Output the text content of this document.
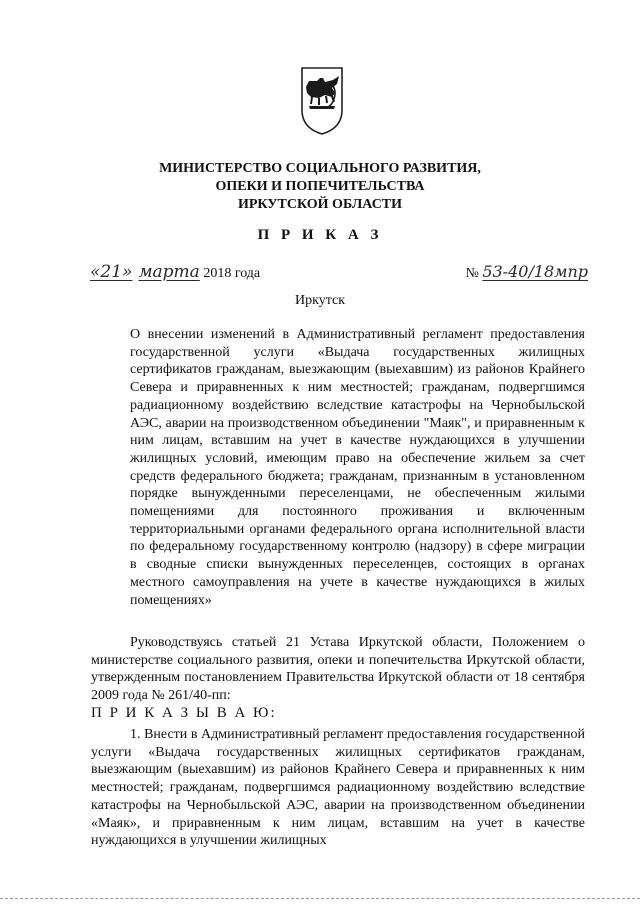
МИНИСТЕРСТВО СОЦИАЛЬНОГО РАЗВИТИЯ,
ОПЕКИ И ПОПЕЧИТЕЛЬСТВА
ИРКУТСКОЙ ОБЛАСТИ
П Р И К А З
«21» марта 2018 года	№ 53-40/18мпр
Иркутск
О внесении изменений в Административный регламент предоставления государственной услуги «Выдача государственных жилищных сертификатов гражданам, выезжающим (выехавшим) из районов Крайнего Севера и приравненных к ним местностей; гражданам, подвергшимся радиационному воздействию вследствие катастрофы на Чернобыльской АЭС, аварии на производственном объединении "Маяк", и приравненным к ним лицам, вставшим на учет в качестве нуждающихся в улучшении жилищных условий, имеющим право на обеспечение жильем за счет средств федерального бюджета; гражданам, признанным в установленном порядке вынужденными переселенцами, не обеспеченным жилыми помещениями для постоянного проживания и включенным территориальными органами федерального органа исполнительной власти по федеральному государственному контролю (надзору) в сфере миграции в сводные списки вынужденных переселенцев, состоящих в органах местного самоуправления на учете в качестве нуждающихся в жилых помещениях»
Руководствуясь статьей 21 Устава Иркутской области, Положением о министерстве социального развития, опеки и попечительства Иркутской области, утвержденным постановлением Правительства Иркутской области от 18 сентября 2009 года № 261/40-пп:
П Р И К А З Ы В А Ю:
1. Внести в Административный регламент предоставления государственной услуги «Выдача государственных жилищных сертификатов гражданам, выезжающим (выехавшим) из районов Крайнего Севера и приравненных к ним местностей; гражданам, подвергшимся радиационному воздействию вследствие катастрофы на Чернобыльской АЭС, аварии на производственном объединении «Маяк», и приравненным к ним лицам, вставшим на учет в качестве нуждающихся в улучшении жилищных
